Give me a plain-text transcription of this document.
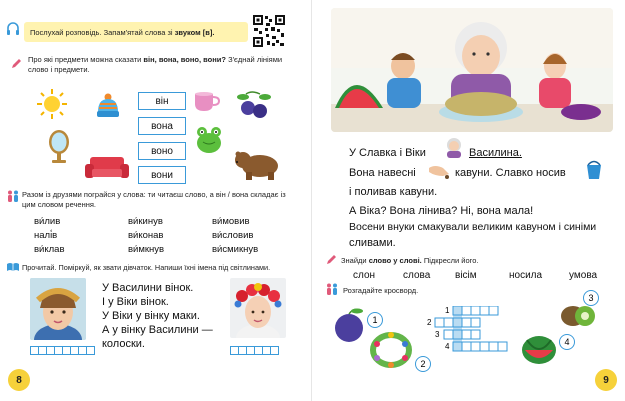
Послухай розповідь. Запам'ятай слова зі звуком [в].
Про які предмети можна сказати він, вона, воно, вони? З'єднай лініями слово і предмети.
він
вона
воно
вони
Разом із друзями пограйся у слова: ти читаєш слово, а він / вона складає із цим словом речення.
ви́лив
налі́в
ви́клав
ви́кинув
ви́конав
ви́мкнув
ви́мовив
ви́словив
ви́смикнув
Прочитай. Поміркуй, як звати дівчаток. Напиши їхні імена під світлинами.
У Василини вінок.
І у Віки вінок.
У Віки у вінку маки.
А у вінку Василини —
колоски.
8
У Славка і Віки	Василина.
Вона навесні	кавуни. Славко носив
і поливав кавуни.
А Віка? Вона лінива? Ні, вона мала!
Восени внуки смакували великим кавуном і синіми
сливами.
Знайди слово у слові. Підкресли його.
слон	слова вісім	носила	умова
Розгадайте кросворд.
1
2
3
4
1
2
3
4
9
